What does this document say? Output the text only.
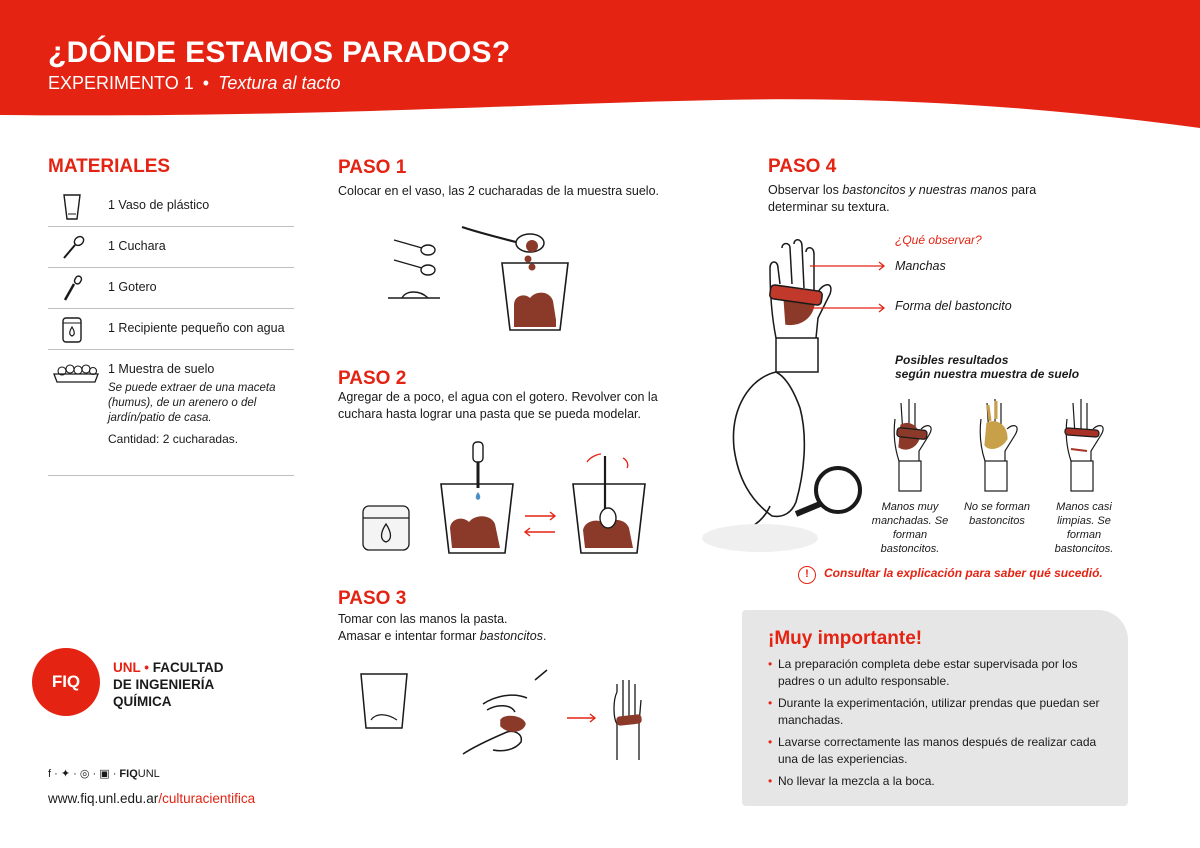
¿DÓNDE ESTAMOS PARADOS?
EXPERIMENTO 1 • Textura al tacto
MATERIALES
1 Vaso de plástico
1 Cuchara
1 Gotero
1 Recipiente pequeño con agua
1 Muestra de suelo
Se puede extraer de una maceta (humus), de un arenero o del jardín/patio de casa.
Cantidad: 2 cucharadas.
PASO 1
Colocar en el vaso, las 2 cucharadas de la muestra suelo.
PASO 2
Agregar de a poco, el agua con el gotero. Revolver con la cuchara hasta lograr una pasta que se pueda modelar.
PASO 3
Tomar con las manos la pasta.
Amasar e intentar formar bastoncitos.
PASO 4
Observar los bastoncitos y nuestras manos para determinar su textura.
¿Qué observar?
Manchas
Forma del bastoncito
Posibles resultados
según nuestra muestra de suelo
Manos muy manchadas. Se forman bastoncitos.
No se forman bastoncitos
Manos casi limpias. Se forman bastoncitos.
! Consultar la explicación para saber qué sucedió.
¡Muy importante!
• La preparación completa debe estar supervisada por los padres o un adulto responsable.
• Durante la experimentación, utilizar prendas que puedan ser manchadas.
• Lavarse correctamente las manos después de realizar cada una de las experiencias.
• No llevar la mezcla a la boca.
FIQ
UNL • FACULTAD
DE INGENIERÍA
QUÍMICA
f · ✦ · ◎ · ▣ · FIQUNL
www.fiq.unl.edu.ar/culturacientifica
